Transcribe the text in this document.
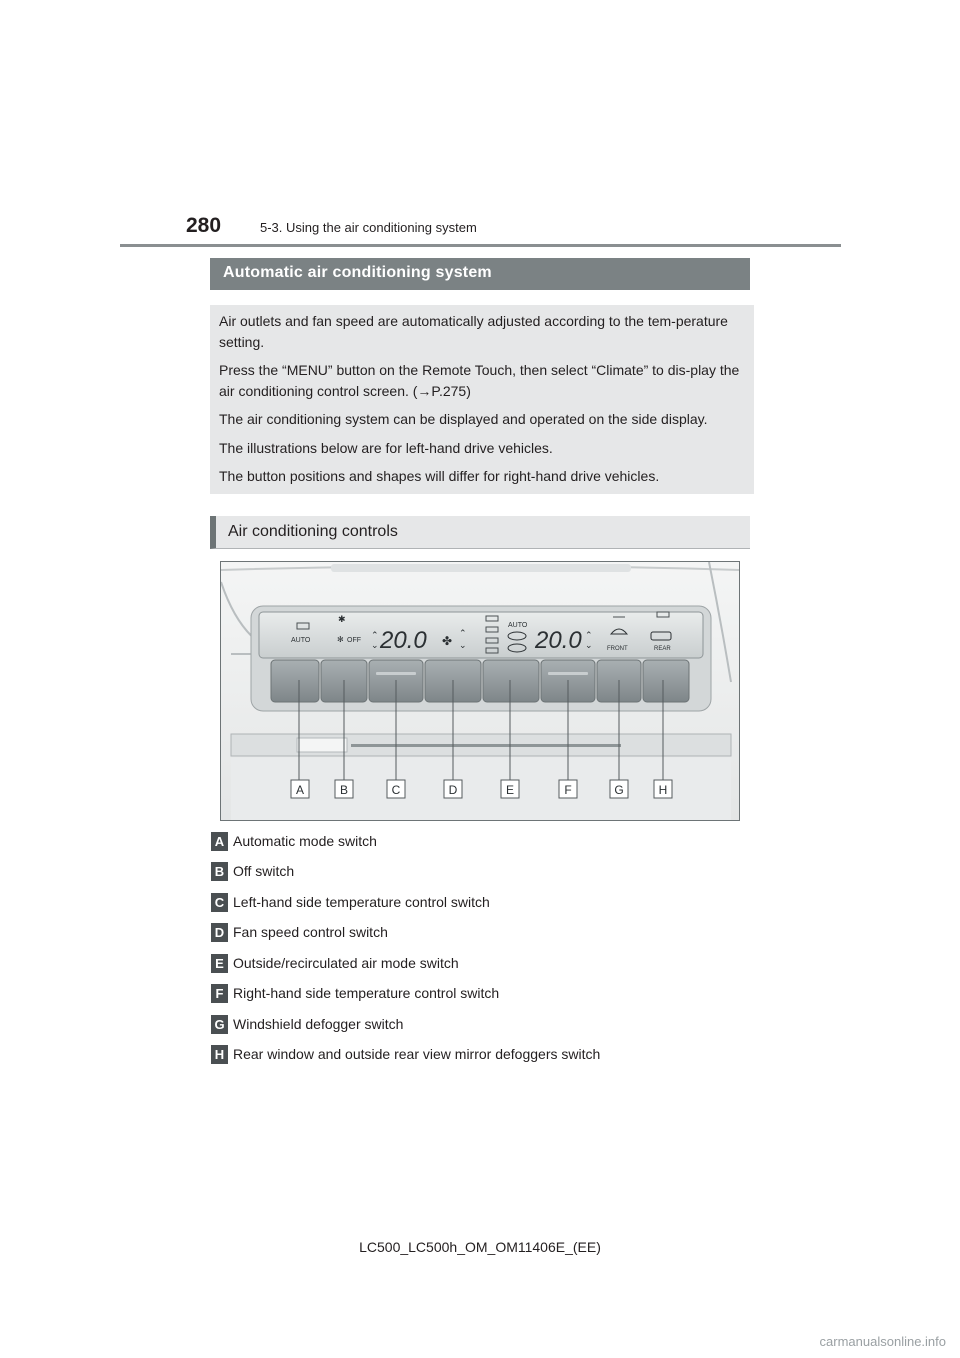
280	5-3. Using the air conditioning system
Automatic air conditioning system

Air outlets and fan speed are automatically adjusted according to the tem-perature setting.

Press the “MENU” button on the Remote Touch, then select “Climate” to dis-play the air conditioning control screen. (→P.275)

The air conditioning system can be displayed and operated on the side display.

The illustrations below are for left-hand drive vehicles.

The button positions and shapes will differ for right-hand drive vehicles.

Air conditioning controls
AUTO
✱
✻ OFF ⌃
⌄ 20.0 ✤ ⌃
⌄
AUTO
20.0 ⌃
⌄ FRONT	REAR
A	B	C	D	E	F	G	H
A Automatic mode switch
B Off switch
C Left-hand side temperature control switch
D Fan speed control switch
E Outside/recirculated air mode switch
F Right-hand side temperature control switch
G Windshield defogger switch
H Rear window and outside rear view mirror defoggers switch
LC500_LC500h_OM_OM11406E_(EE)
carmanualsonline.info
